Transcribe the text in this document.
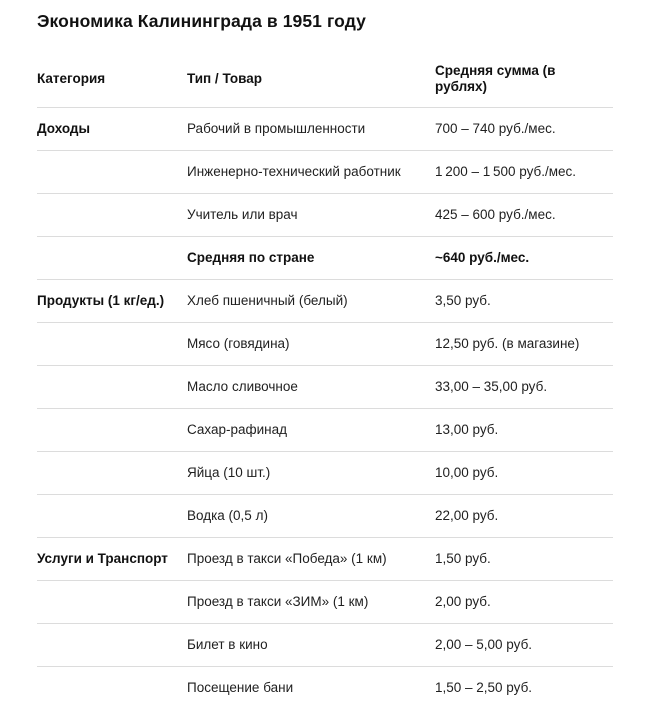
Экономика Калининграда в 1951 году
Категория	Тип / Товар	Средняя сумма (в рублях)
Доходы	Рабочий в промышленности	700 – 740 руб./мес.
	Инженерно-технический работник	1 200 – 1 500 руб./мес.
	Учитель или врач	425 – 600 руб./мес.
	Средняя по стране	~640 руб./мес.
Продукты (1 кг/ед.)	Хлеб пшеничный (белый)	3,50 руб.
	Мясо (говядина)	12,50 руб. (в магазине)
	Масло сливочное	33,00 – 35,00 руб.
	Сахар-рафинад	13,00 руб.
	Яйца (10 шт.)	10,00 руб.
	Водка (0,5 л)	22,00 руб.
Услуги и Транспорт	Проезд в такси «Победа» (1 км)	1,50 руб.
	Проезд в такси «ЗИМ» (1 км)	2,00 руб.
	Билет в кино	2,00 – 5,00 руб.
	Посещение бани	1,50 – 2,50 руб.
